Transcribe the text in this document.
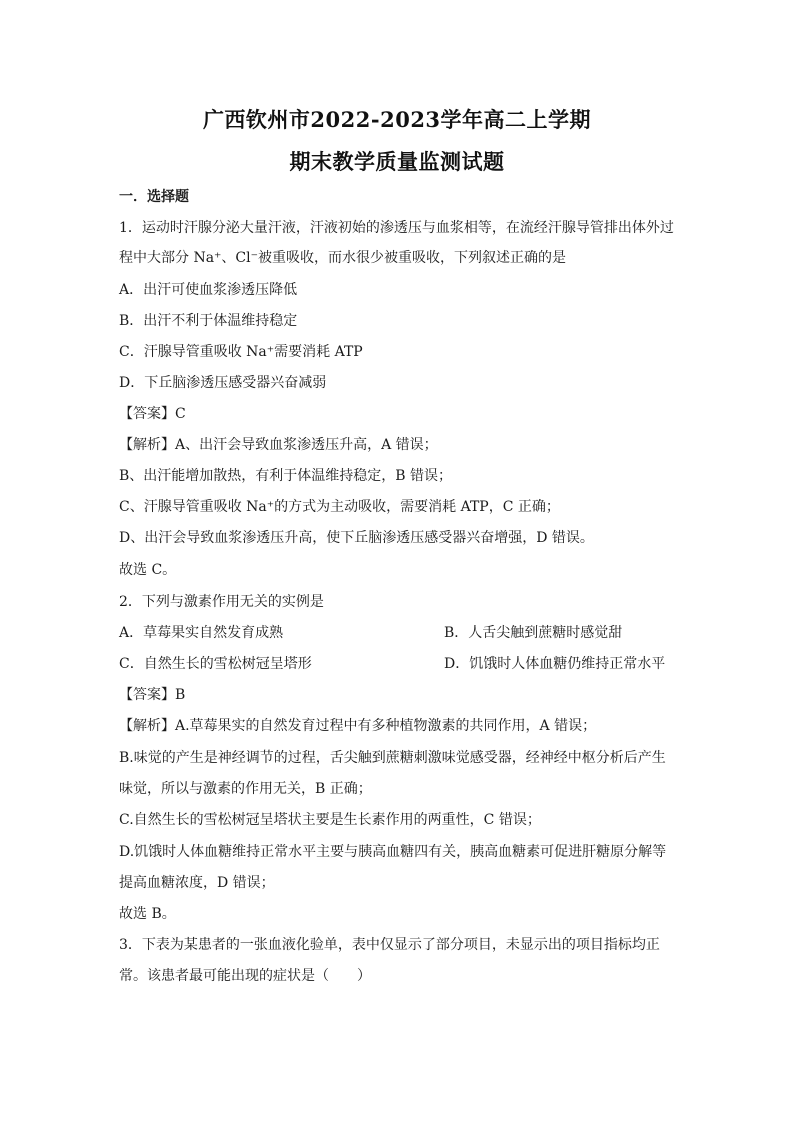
广西钦州市2022-2023学年高二上学期
期末教学质量监测试题
一．选择题
1．运动时汗腺分泌大量汗液，汗液初始的渗透压与血浆相等，在流经汗腺导管排出体外过
程中大部分 Na⁺、Cl⁻被重吸收，而水很少被重吸收，下列叙述正确的是
A．出汗可使血浆渗透压降低
B．出汗不利于体温维持稳定
C．汗腺导管重吸收 Na⁺需要消耗 ATP
D．下丘脑渗透压感受器兴奋减弱
【答案】C
【解析】A、出汗会导致血浆渗透压升高，A 错误；
B、出汗能增加散热，有利于体温维持稳定，B 错误；
C、汗腺导管重吸收 Na⁺的方式为主动吸收，需要消耗 ATP，C 正确；
D、出汗会导致血浆渗透压升高，使下丘脑渗透压感受器兴奋增强，D 错误。
故选 C。
2．下列与激素作用无关的实例是
A．草莓果实自然发育成熟	B．人舌尖触到蔗糖时感觉甜
C．自然生长的雪松树冠呈塔形	D．饥饿时人体血糖仍维持正常水平
【答案】B
【解析】A.草莓果实的自然发育过程中有多种植物激素的共同作用，A 错误；
B.味觉的产生是神经调节的过程，舌尖触到蔗糖刺激味觉感受器，经神经中枢分析后产生
味觉，所以与激素的作用无关，B 正确；
C.自然生长的雪松树冠呈塔状主要是生长素作用的两重性，C 错误；
D.饥饿时人体血糖维持正常水平主要与胰高血糖四有关，胰高血糖素可促进肝糖原分解等
提高血糖浓度，D 错误；
故选 B。
3．下表为某患者的一张血液化验单，表中仅显示了部分项目，未显示出的项目指标均正
常。该患者最可能出现的症状是（　　）
